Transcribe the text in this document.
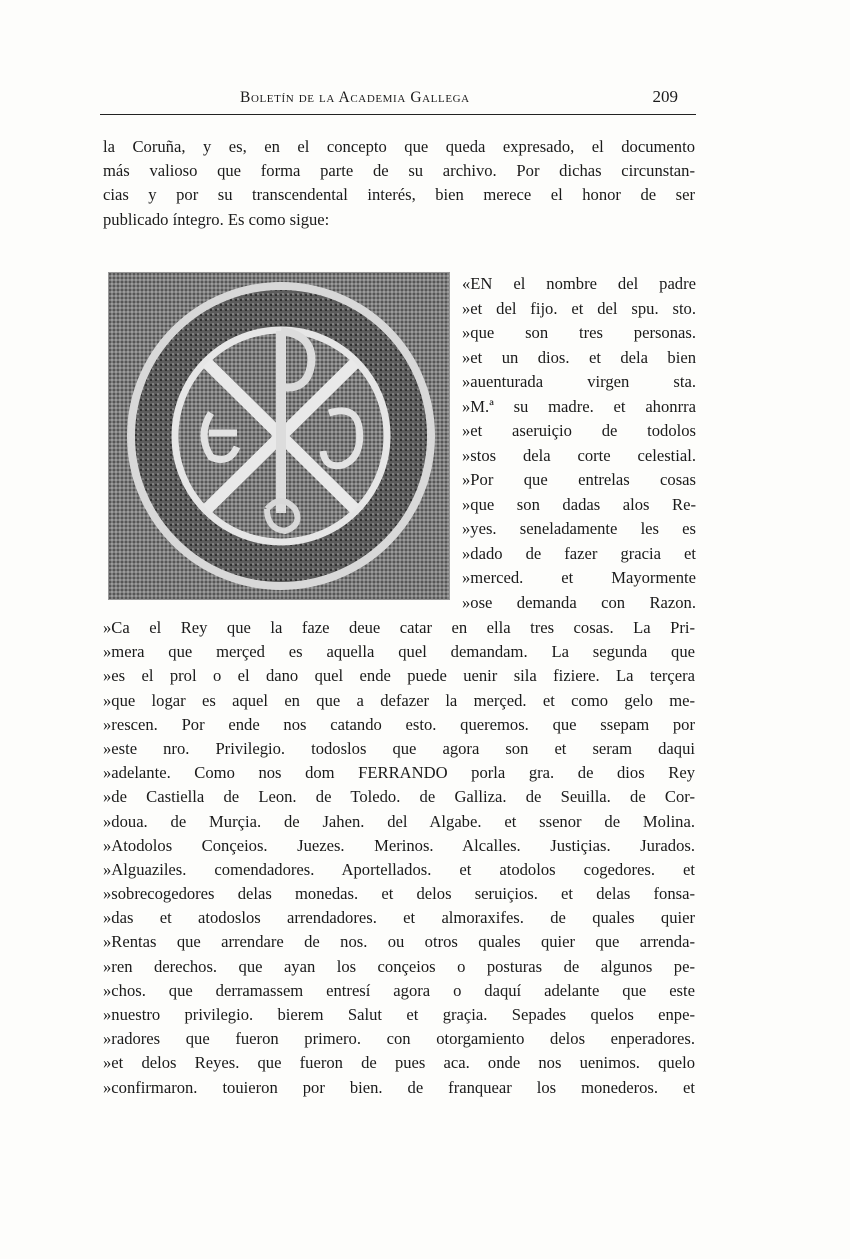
Boletín de la Academia Gallega	209
la Coruña, y es, en el concepto que queda expresado, el documento
más valioso que forma parte de su archivo. Por dichas circunstan-
cias y por su transcendental interés, bien merece el honor de ser
publicado íntegro. Es como sigue:
«EN el nombre del padre
»et del fijo. et del spu. sto.
»que son tres personas.
»et un dios. et dela bien
»auenturada virgen sta.
»M.ª su madre. et ahonrra
»et aseruiçio de todolos
»stos dela corte celestial.
»Por que entrelas cosas
»que son dadas alos Re-
»yes. seneladamente les es
»dado de fazer gracia et
»merced. et Mayormente
»ose demanda con Razon.
»Ca el Rey que la faze deue catar en ella tres cosas. La Pri-
»mera que merçed es aquella quel demandam. La segunda que
»es el prol o el dano quel ende puede uenir sila fiziere. La terçera
»que logar es aquel en que a defazer la merçed. et como gelo me-
»rescen. Por ende nos catando esto. queremos. que ssepam por
»este nro. Privilegio. todoslos que agora son et seram daqui
»adelante. Como nos dom FERRANDO porla gra. de dios Rey
»de Castiella de Leon. de Toledo. de Galliza. de Seuilla. de Cor-
»doua. de Murçia. de Jahen. del Algabe. et ssenor de Molina.
»Atodolos Conçeios. Juezes. Merinos. Alcalles. Justiçias. Jurados.
»Alguaziles. comendadores. Aportellados. et atodolos cogedores. et
»sobrecogedores delas monedas. et delos seruiçios. et delas fonsa-
»das et atodoslos arrendadores. et almoraxifes. de quales quier
»Rentas que arrendare de nos. ou otros quales quier que arrenda-
»ren derechos. que ayan los conçeios o posturas de algunos pe-
»chos. que derramassem entresí agora o daquí adelante que este
»nuestro privilegio. bierem Salut et graçia. Sepades quelos enpe-
»radores que fueron primero. con otorgamiento delos enperadores.
»et delos Reyes. que fueron de pues aca. onde nos uenimos. quelo
»confirmaron. touieron por bien. de franquear los monederos. et
